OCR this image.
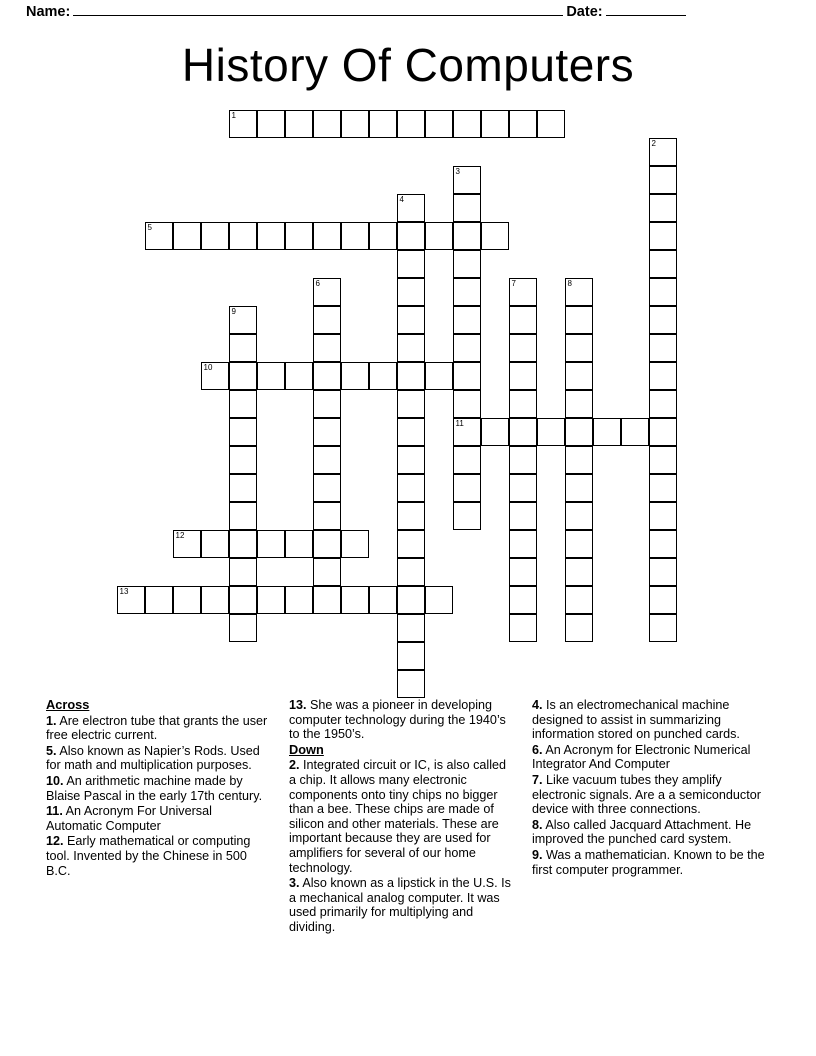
Name:	Date:
History Of Computers
1
2
3
4
5
6	7	8
9
10
11
12
13
Across

1. Are electron tube that grants the user free electric current.

5. Also known as Napier’s Rods. Used for math and multiplication purposes.

10. An arithmetic machine made by Blaise Pascal in the early 17th century.

11. An Acronym For Universal Automatic Computer

12. Early mathematical or computing tool. Invented by the Chinese in 500 B.C.

13. She was a pioneer in developing computer technology during the 1940’s to the 1950’s.

Down

2. Integrated circuit or IC, is also called a chip. It allows many electronic components onto tiny chips no bigger than a bee. These chips are made of silicon and other materials. These are important because they are used for amplifiers for several of our home technology.

3. Also known as a lipstick in the U.S. Is a mechanical analog computer. It was used primarily for multiplying and dividing.

4. Is an electromechanical machine designed to assist in summarizing information stored on punched cards.

6. An Acronym for Electronic Numerical Integrator And Computer

7. Like vacuum tubes they amplify electronic signals. Are a a semiconductor device with three connections.

8. Also called Jacquard Attachment. He improved the punched card system.

9. Was a mathematician. Known to be the first computer programmer.
